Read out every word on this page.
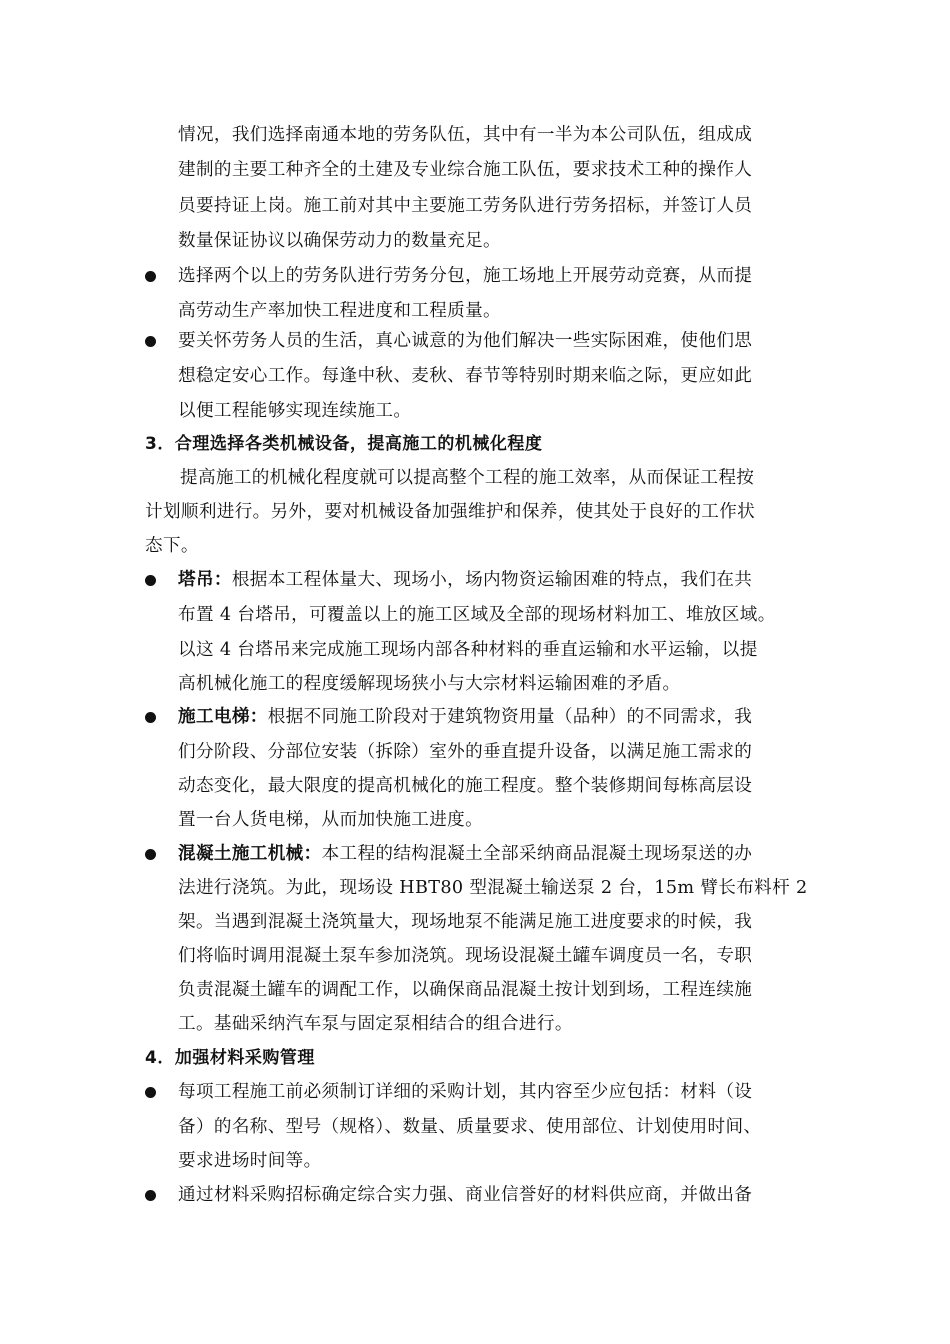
情况，我们选择南通本地的劳务队伍，其中有一半为本公司队伍，组成成
建制的主要工种齐全的土建及专业综合施工队伍，要求技术工种的操作人
员要持证上岗。施工前对其中主要施工劳务队进行劳务招标，并签订人员
数量保证协议以确保劳动力的数量充足。
选择两个以上的劳务队进行劳务分包，施工场地上开展劳动竞赛，从而提
高劳动生产率加快工程进度和工程质量。
要关怀劳务人员的生活，真心诚意的为他们解决一些实际困难，使他们思
想稳定安心工作。每逢中秋、麦秋、春节等特别时期来临之际，更应如此
以便工程能够实现连续施工。
3．合理选择各类机械设备，提高施工的机械化程度
提高施工的机械化程度就可以提高整个工程的施工效率，从而保证工程按
计划顺利进行。另外，要对机械设备加强维护和保养，使其处于良好的工作状
态下。
塔吊：根据本工程体量大、现场小，场内物资运输困难的特点，我们在共
布置 4 台塔吊，可覆盖以上的施工区域及全部的现场材料加工、堆放区域。
以这 4 台塔吊来完成施工现场内部各种材料的垂直运输和水平运输，以提
高机械化施工的程度缓解现场狭小与大宗材料运输困难的矛盾。
施工电梯：根据不同施工阶段对于建筑物资用量（品种）的不同需求，我
们分阶段、分部位安装（拆除）室外的垂直提升设备，以满足施工需求的
动态变化，最大限度的提高机械化的施工程度。整个装修期间每栋高层设
置一台人货电梯，从而加快施工进度。
混凝土施工机械：本工程的结构混凝土全部采纳商品混凝土现场泵送的办
法进行浇筑。为此，现场设 HBT80 型混凝土输送泵 2 台，15m 臂长布料杆 2
架。当遇到混凝土浇筑量大，现场地泵不能满足施工进度要求的时候，我
们将临时调用混凝土泵车参加浇筑。现场设混凝土罐车调度员一名，专职
负责混凝土罐车的调配工作，以确保商品混凝土按计划到场，工程连续施
工。基础采纳汽车泵与固定泵相结合的组合进行。
4．加强材料采购管理
每项工程施工前必须制订详细的采购计划，其内容至少应包括：材料（设
备）的名称、型号（规格）、数量、质量要求、使用部位、计划使用时间、
要求进场时间等。
通过材料采购招标确定综合实力强、商业信誉好的材料供应商，并做出备
